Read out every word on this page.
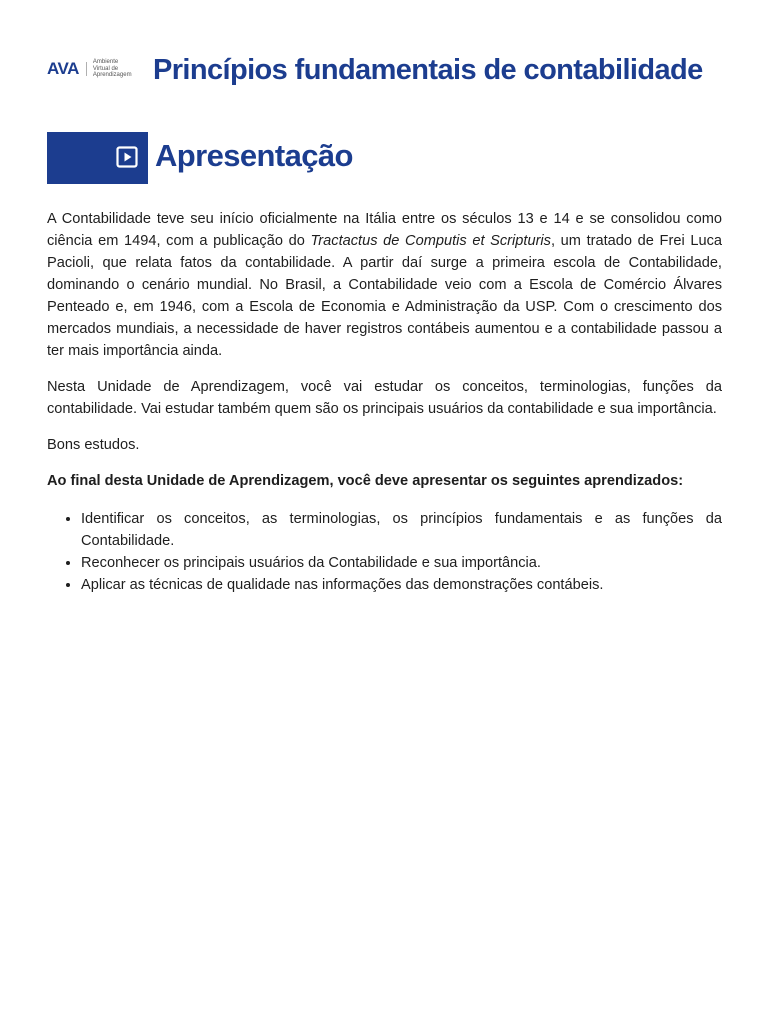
AVA Ambiente
Virtual de
Aprendizagem Princípios fundamentais de contabilidade
Apresentação

A Contabilidade teve seu início oficialmente na Itália entre os séculos 13 e 14 e se consolidou como ciência em 1494, com a publicação do Tractactus de Computis et Scripturis, um tratado de Frei Luca Pacioli, que relata fatos da contabilidade. A partir daí surge a primeira escola de Contabilidade, dominando o cenário mundial. No Brasil, a Contabilidade veio com a Escola de Comércio Álvares Penteado e, em 1946, com a Escola de Economia e Administração da USP. Com o crescimento dos mercados mundiais, a necessidade de haver registros contábeis aumentou e a contabilidade passou a ter mais importância ainda.

Nesta Unidade de Aprendizagem, você vai estudar os conceitos, terminologias, funções da contabilidade. Vai estudar também quem são os principais usuários da contabilidade e sua importância.

Bons estudos.

Ao final desta Unidade de Aprendizagem, você deve apresentar os seguintes aprendizados:

• Identificar os conceitos, as terminologias, os princípios fundamentais e as funções da Contabilidade.
• Reconhecer os principais usuários da Contabilidade e sua importância.
• Aplicar as técnicas de qualidade nas informações das demonstrações contábeis.
